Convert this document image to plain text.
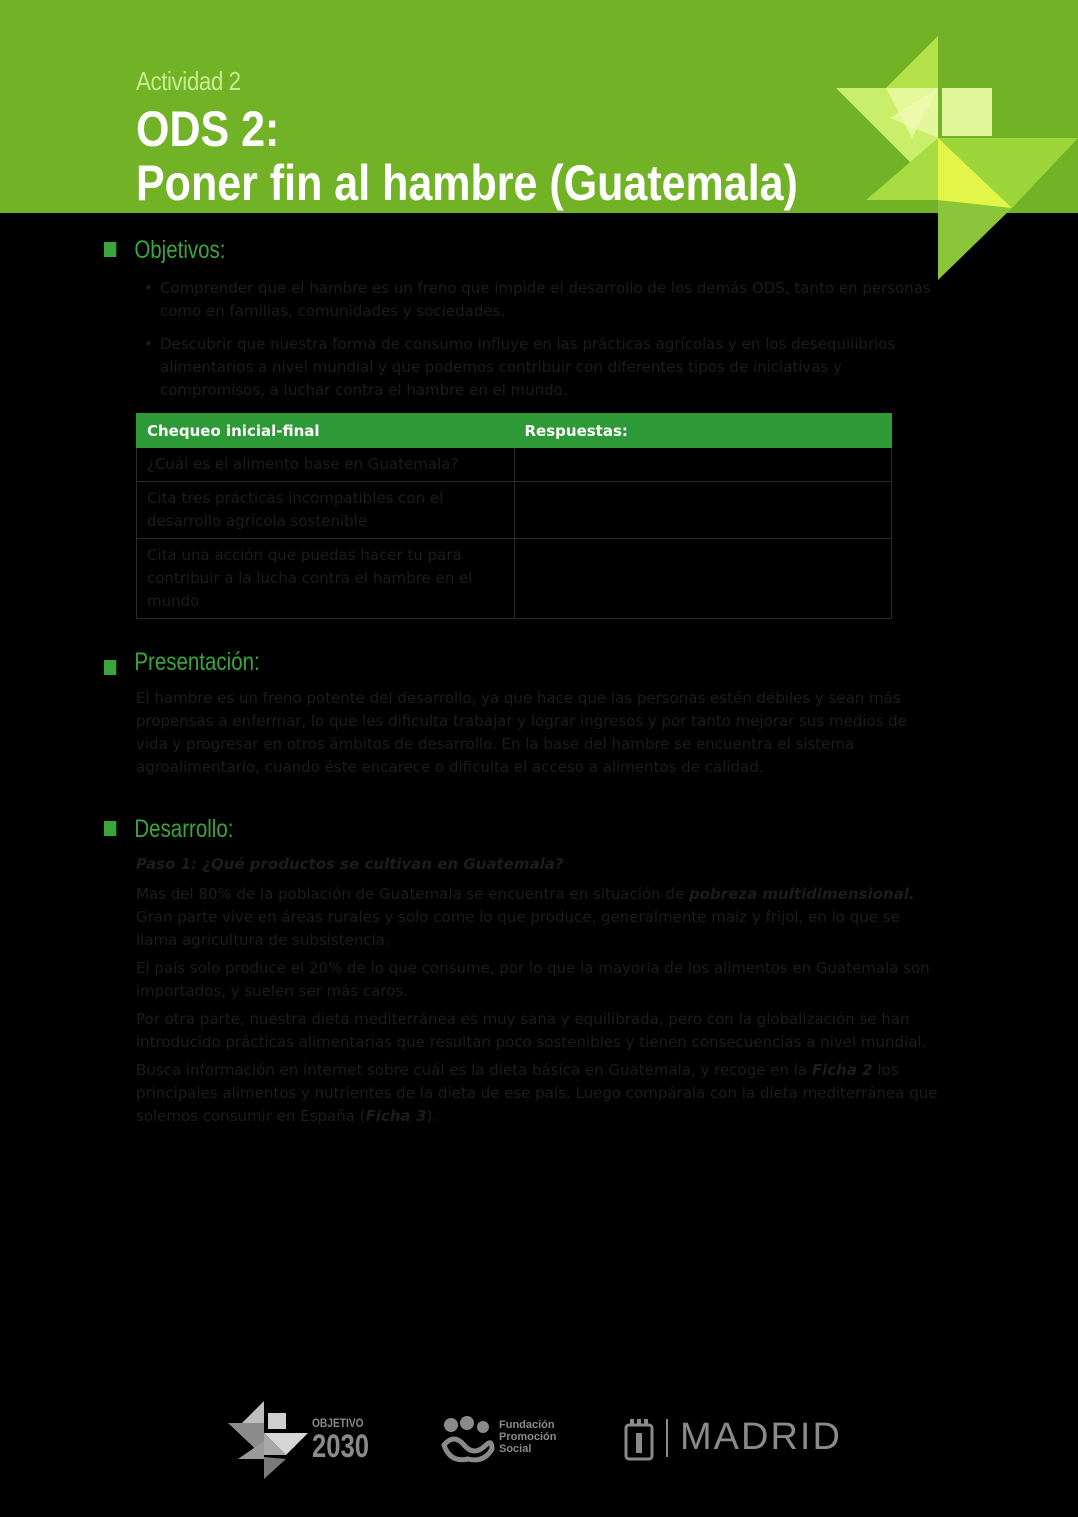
Actividad 2
ODS 2:
Poner fin al hambre (Guatemala)
Objetivos:
• Comprender que el hambre es un freno que impide el desarrollo de los demás ODS, tanto en personas como en familias, comunidades y sociedades.
• Descubrir que nuestra forma de consumo influye en las prácticas agrícolas y en los desequilibrios alimentarios a nivel mundial y que podemos contribuir con diferentes tipos de iniciativas y compromisos, a luchar contra el hambre en el mundo.
Chequeo inicial-final	Respuestas:
¿Cuál es el alimento base en Guatemala?	
Cita tres prácticas incompatibles con el desarrollo agrícola sostenible	
Cita una acción que puedas hacer tu para contribuir a la lucha contra el hambre en el mundo	
Presentación:

El hambre es un freno potente del desarrollo, ya que hace que las personas estén débiles y sean más propensas a enfermar, lo que les dificulta trabajar y lograr ingresos y por tanto mejorar sus medios de vida y progresar en otros ámbitos de desarrollo. En la base del hambre se encuentra el sistema agroalimentario, cuando éste encarece o dificulta el acceso a alimentos de calidad.

Desarrollo:
Paso 1: ¿Qué productos se cultivan en Guatemala?

Mas del 80% de la población de Guatemala se encuentra en situación de pobreza multidimensional. Gran parte vive en áreas rurales y solo come lo que produce, generalmente maíz y frijol, en lo que se llama agricultura de subsistencia.

El país solo produce el 20% de lo que consume, por lo que la mayoría de los alimentos en Guatemala son importados, y suelen ser más caros.

Por otra parte, nuestra dieta mediterránea es muy sana y equilibrada, pero con la globalización se han introducido prácticas alimentarias que resultan poco sostenibles y tienen consecuencias a nivel mundial.

Busca información en internet sobre cuál es la dieta básica en Guatemala, y recoge en la Ficha 2 los principales alimentos y nutrientes de la dieta de ese país. Luego compárala con la dieta mediterránea que solemos consumir en España (Ficha 3).

OBJETIVO
2030
Fundación
Promoción
Social	MADRID
